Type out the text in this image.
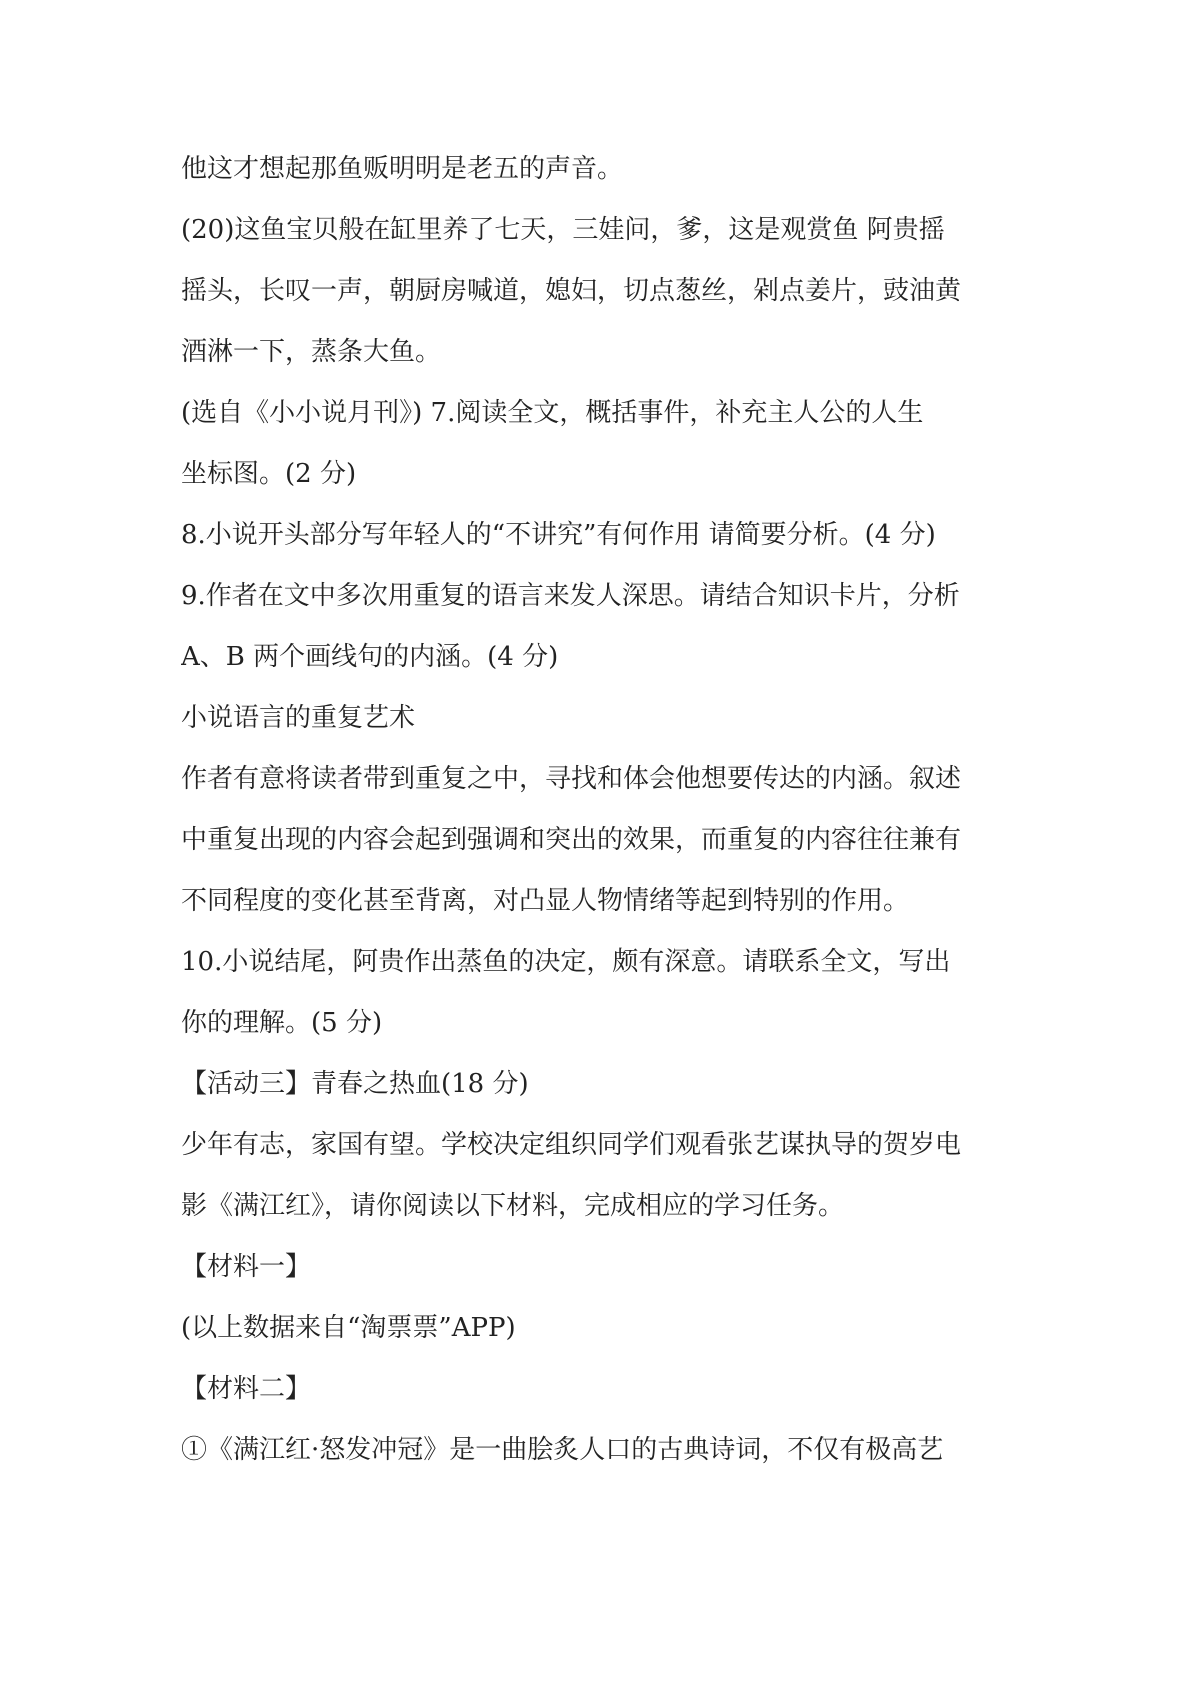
他这才想起那鱼贩明明是老五的声音。
(20)这鱼宝贝般在缸里养了七天，三娃问，爹，这是观赏鱼 阿贵摇
摇头，长叹一声，朝厨房喊道，媳妇，切点葱丝，剁点姜片，豉油黄
酒淋一下，蒸条大鱼。
(选自《小小说月刊》) 7.阅读全文，概括事件，补充主人公的人生
坐标图。(2 分)
8.小说开头部分写年轻人的“不讲究”有何作用 请简要分析。(4 分)
9.作者在文中多次用重复的语言来发人深思。请结合知识卡片，分析
A、B 两个画线句的内涵。(4 分)
小说语言的重复艺术
作者有意将读者带到重复之中，寻找和体会他想要传达的内涵。叙述
中重复出现的内容会起到强调和突出的效果，而重复的内容往往兼有
不同程度的变化甚至背离，对凸显人物情绪等起到特别的作用。
10.小说结尾，阿贵作出蒸鱼的决定，颇有深意。请联系全文，写出
你的理解。(5 分)
【活动三】青春之热血(18 分)
少年有志，家国有望。学校决定组织同学们观看张艺谋执导的贺岁电
影《满江红》，请你阅读以下材料，完成相应的学习任务。
【材料一】
(以上数据来自“淘票票”APP)
【材料二】
①《满江红·怒发冲冠》是一曲脍炙人口的古典诗词，不仅有极高艺
